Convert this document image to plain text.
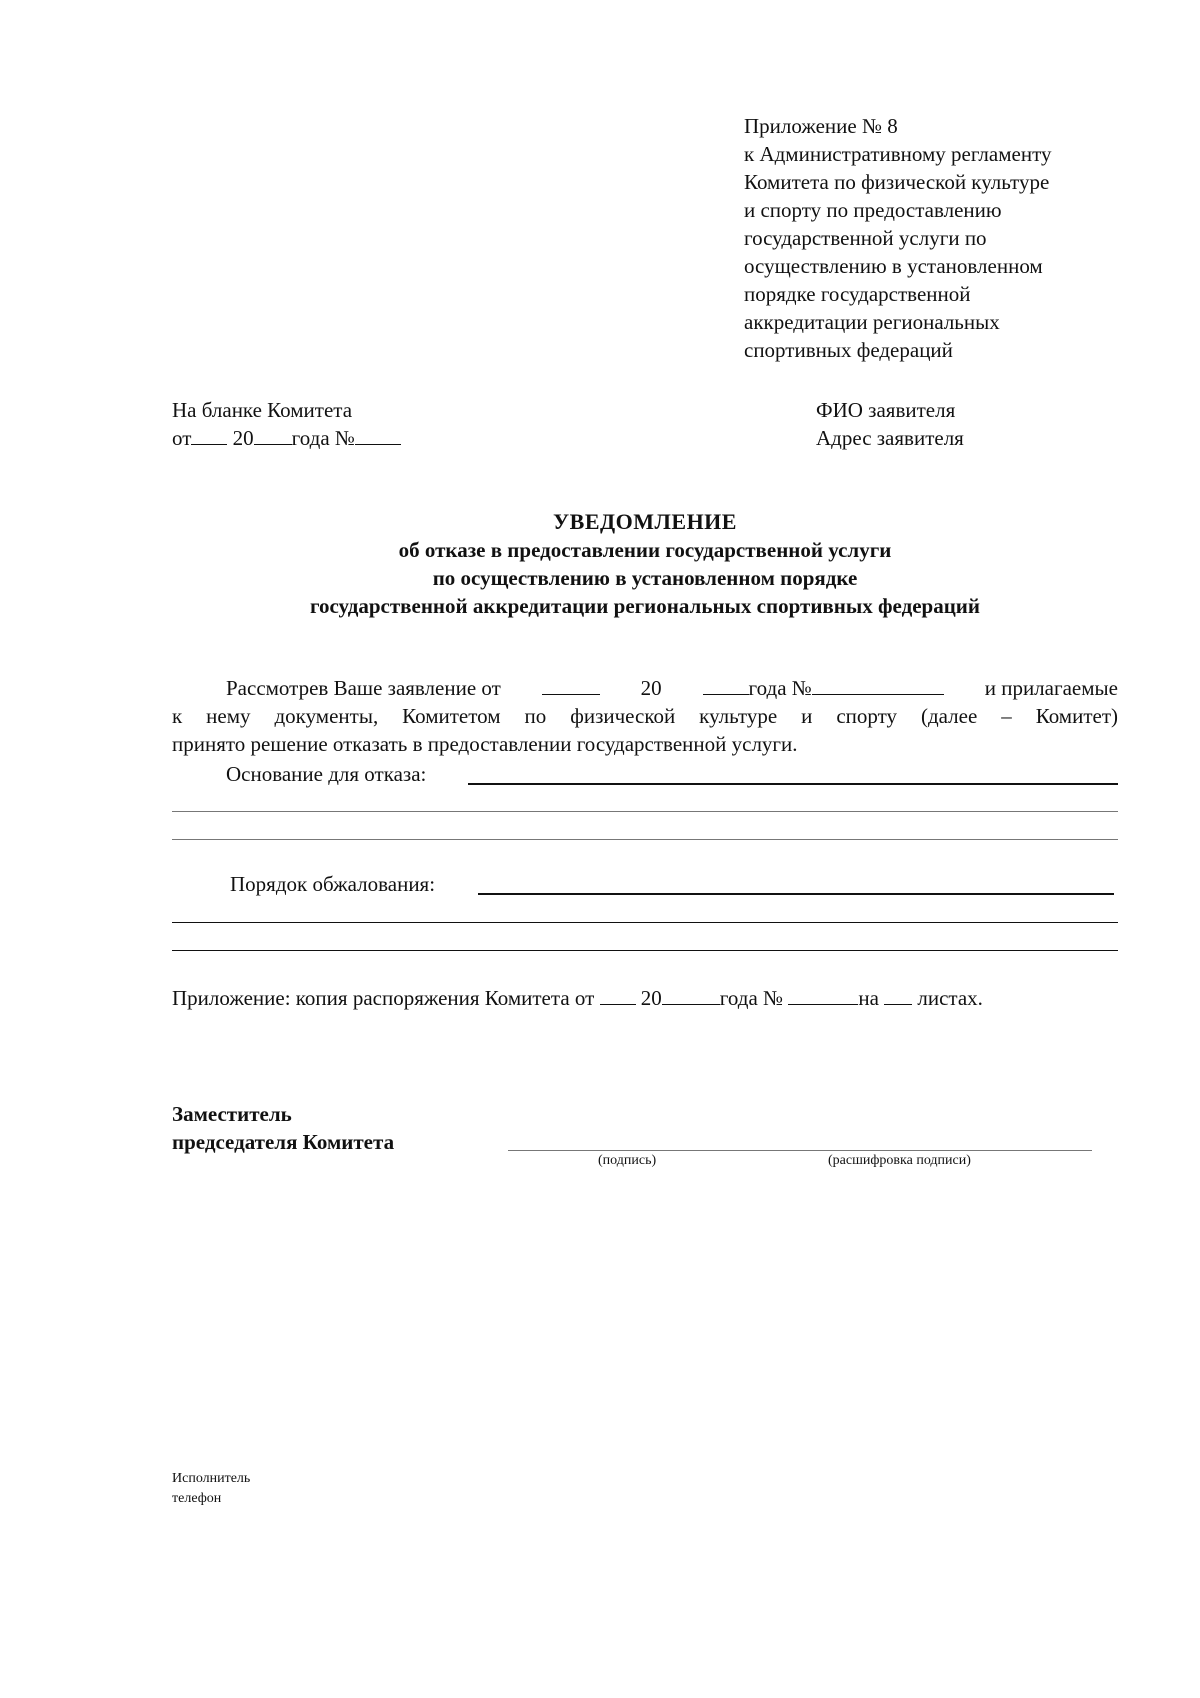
Приложение № 8
к Административному регламенту
Комитета по физической культуре
и спорту по предоставлению
государственной услуги по
осуществлению в установленном
порядке государственной
аккредитации региональных
спортивных федераций
На бланке Комитета
от 20 года №
ФИО заявителя
Адрес заявителя
УВЕДОМЛЕНИЕ
об отказе в предоставлении государственной услуги
по осуществлению в установленном порядке
государственной аккредитации региональных спортивных федераций
Рассмотрев Ваше заявление от	20	года №	и прилагаемые
к нему документы, Комитетом по физической культуре и спорту (далее – Комитет)
принято решение отказать в предоставлении государственной услуги.
Основание для отказа:
Порядок обжалования:
Приложение: копия распоряжения Комитета от 20	года №	на листах.
Заместитель
председателя Комитета
(подпись)	(расшифровка подписи)
Исполнитель
телефон
